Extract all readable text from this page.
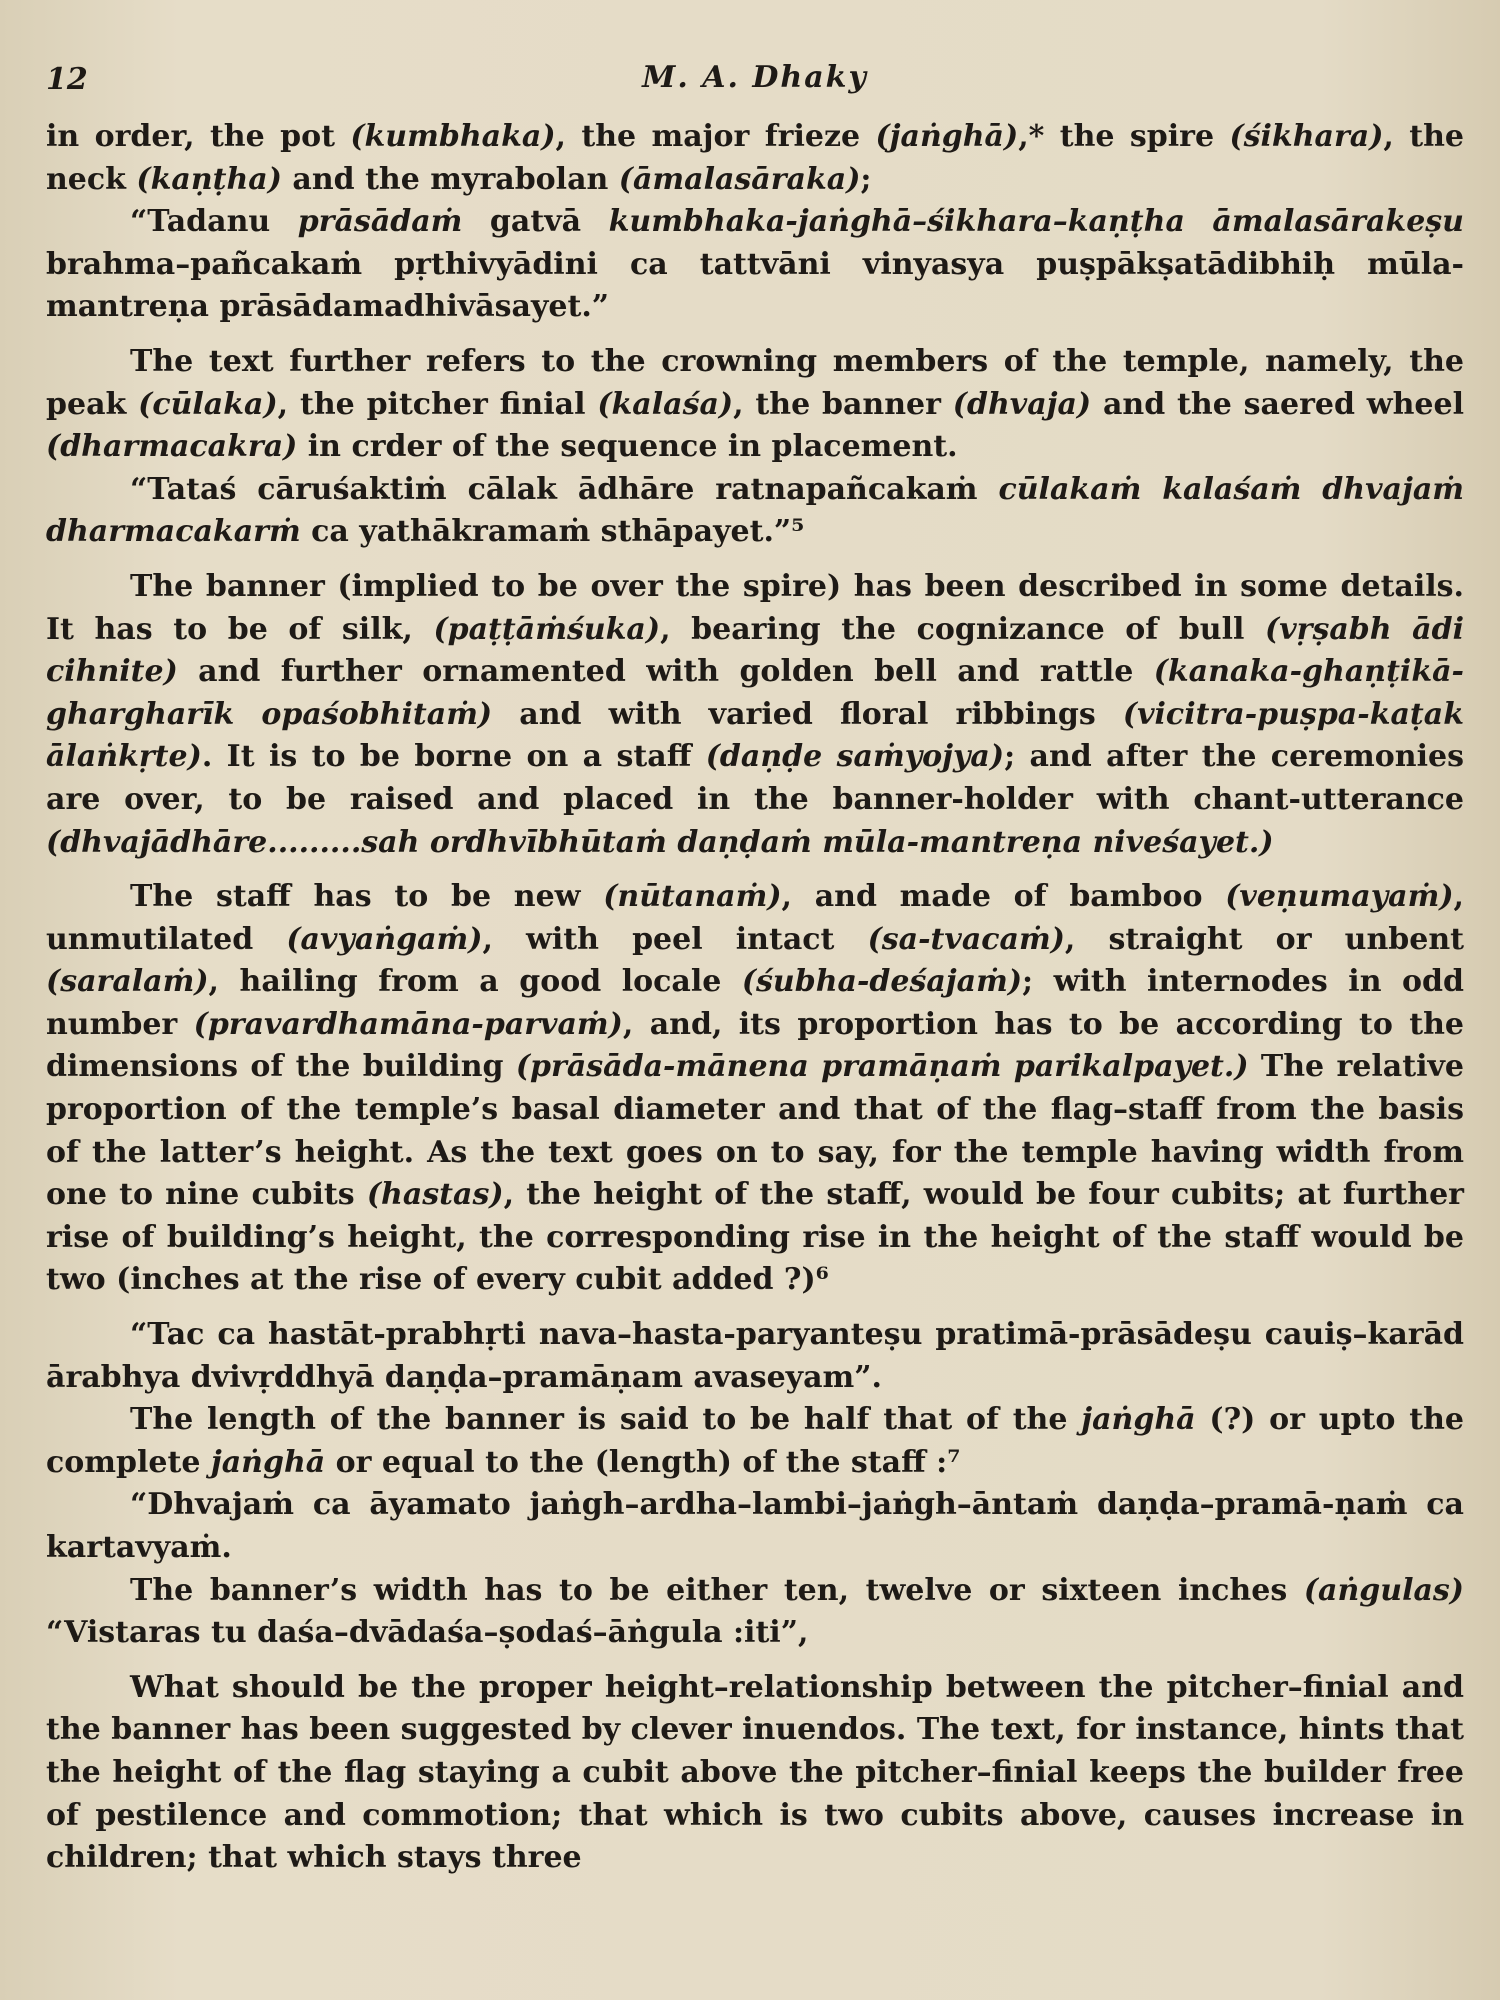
12	M. A. Dhaky

in order, the pot (kumbhaka), the major frieze (jaṅghā),* the spire (śikhara), the neck (kaṇṭha) and the myrabolan (āmalasāraka);

“Tadanu prāsādaṁ gatvā kumbhaka-jaṅghā–śikhara–kaṇṭha āmalasārakeṣu brahma–pañcakaṁ pṛthivyādini ca tattvāni vinyasya puṣpākṣatādibhiḥ mūla-mantreṇa prāsādamadhivāsayet.”

The text further refers to the crowning members of the temple, namely, the peak (cūlaka), the pitcher finial (kalaśa), the banner (dhvaja) and the saered wheel (dharmacakra) in crder of the sequence in placement.

“Tataś cāruśaktiṁ cālak ādhāre ratnapañcakaṁ cūlakaṁ kalaśaṁ dhvajaṁ dharmacakarṁ ca yathākramaṁ sthāpayet.”⁵

The banner (implied to be over the spire) has been described in some details. It has to be of silk, (paṭṭāṁśuka), bearing the cognizance of bull (vṛṣabh ādi cihnite) and further ornamented with golden bell and rattle (kanaka-ghaṇṭikā-ghargharīk opaśobhitaṁ) and with varied floral ribbings (vicitra-puṣpa-kaṭak ālaṅkṛte). It is to be borne on a staff (daṇḍe saṁyojya); and after the ceremonies are over, to be raised and placed in the banner-holder with chant-utterance (dhvajādhāre.........sah ordhvībhūtaṁ daṇḍaṁ mūla-mantreṇa niveśayet.)

The staff has to be new (nūtanaṁ), and made of bamboo (veṇumayaṁ), unmutilated (avyaṅgaṁ), with peel intact (sa-tvacaṁ), straight or unbent (saralaṁ), hailing from a good locale (śubha-deśajaṁ); with internodes in odd number (pravardhamāna-parvaṁ), and, its proportion has to be according to the dimensions of the building (prāsāda-mānena pramāṇaṁ parikalpayet.) The relative proportion of the temple’s basal diameter and that of the flag–staff from the basis of the latter’s height. As the text goes on to say, for the temple having width from one to nine cubits (hastas), the height of the staff, would be four cubits; at further rise of building’s height, the corresponding rise in the height of the staff would be two (inches at the rise of every cubit added ?)⁶

“Tac ca hastāt-prabhṛti nava–hasta-paryanteṣu pratimā-prāsādeṣu cauiṣ–karād ārabhya dvivṛddhyā daṇḍa–pramāṇam avaseyam”.

The length of the banner is said to be half that of the jaṅghā (?) or upto the complete jaṅghā or equal to the (length) of the staff :⁷

“Dhvajaṁ ca āyamato jaṅgh–ardha–lambi–jaṅgh–āntaṁ daṇḍa–pramā-ṇaṁ ca kartavyaṁ.

The banner’s width has to be either ten, twelve or sixteen inches (aṅgulas) “Vistaras tu daśa–dvādaśa–ṣodaś–āṅgula :iti”,

What should be the proper height–relationship between the pitcher–finial and the banner has been suggested by clever inuendos. The text, for instance, hints that the height of the flag staying a cubit above the pitcher–finial keeps the builder free of pestilence and commotion; that which is two cubits above, causes increase in children; that which stays three
